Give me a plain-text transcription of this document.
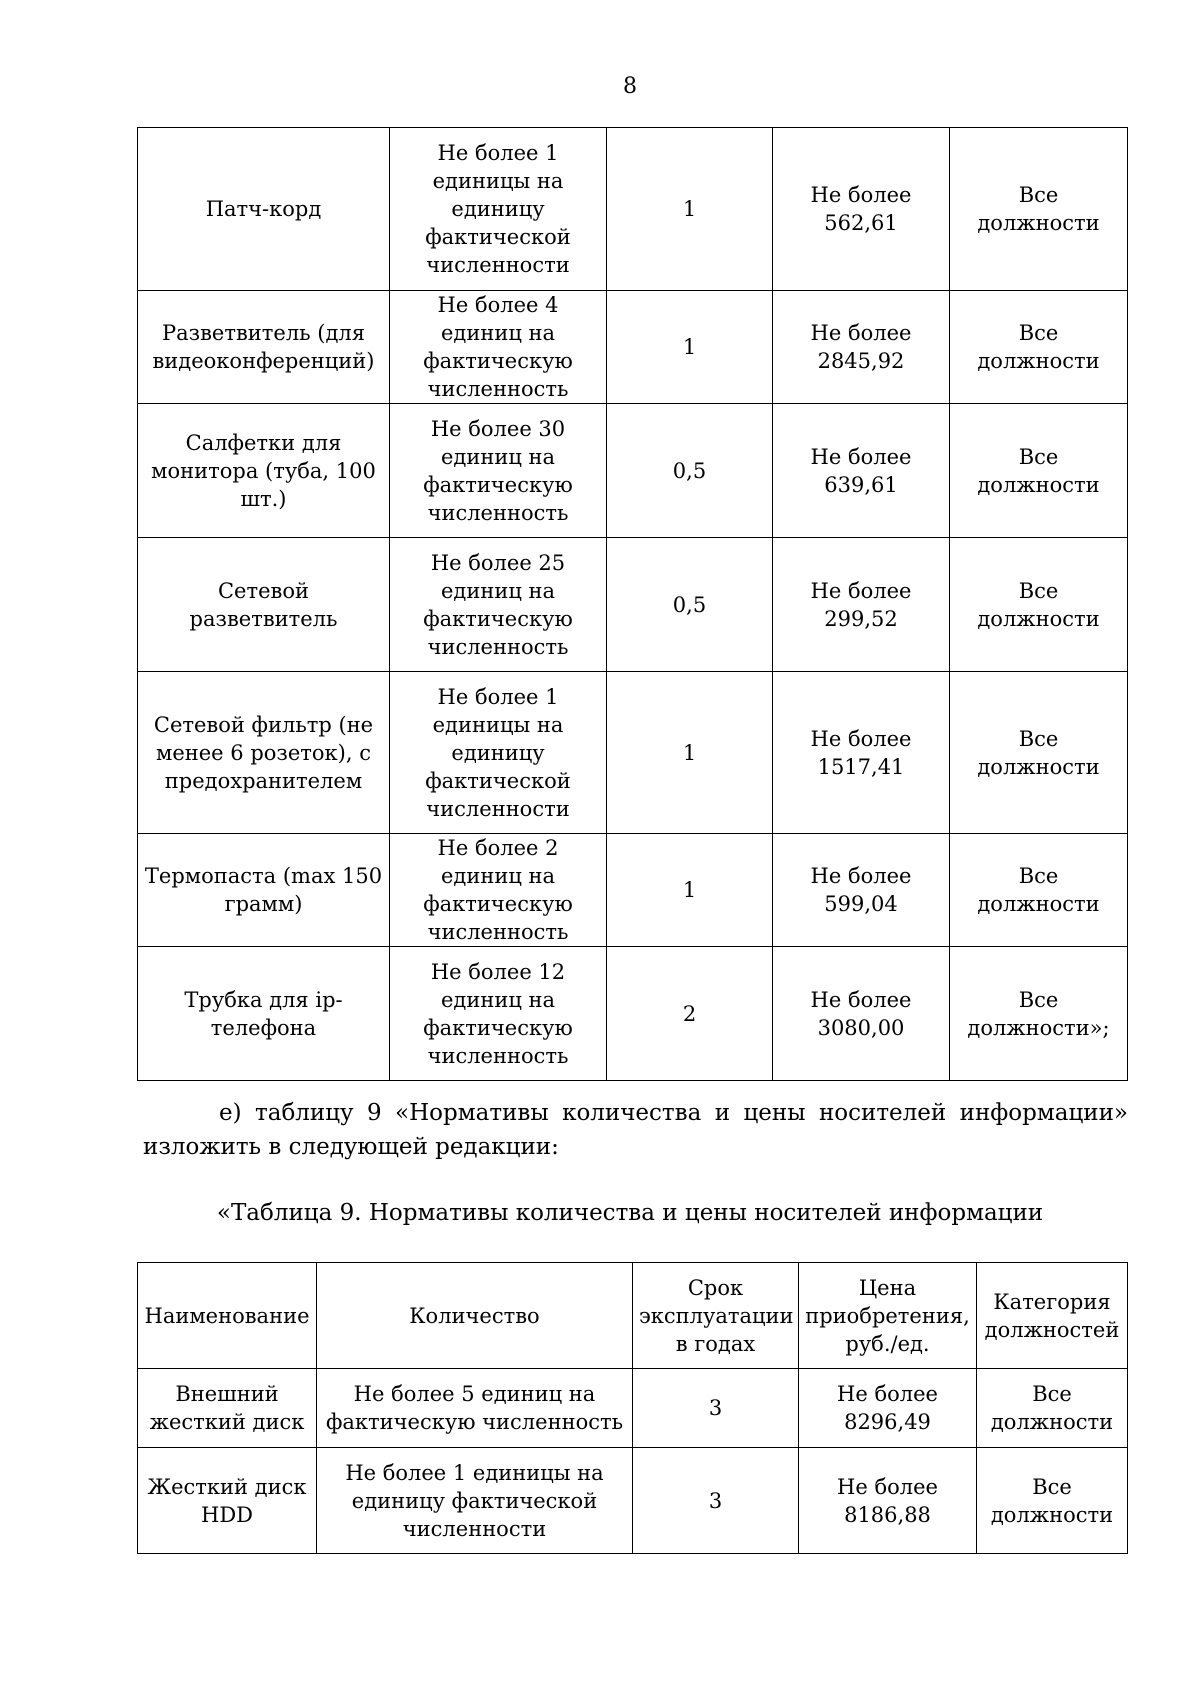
8
Патч-корд	Не более 1 единицы на единицу фактической численности	1	Не более 562,61	Все должности
Разветвитель (для видеоконференций)	Не более 4 единиц на фактическую численность	1	Не более 2845,92	Все должности
Салфетки для монитора (туба, 100 шт.)	Не более 30 единиц на фактическую численность	0,5	Не более 639,61	Все должности
Сетевой разветвитель	Не более 25 единиц на фактическую численность	0,5	Не более 299,52	Все должности
Сетевой фильтр (не менее 6 розеток), с предохранителем	Не более 1 единицы на единицу фактической численности	1	Не более 1517,41	Все должности
Термопаста (max 150 грамм)	Не более 2 единиц на фактическую численность	1	Не более 599,04	Все должности
Трубка для ip-телефона	Не более 12 единиц на фактическую численность	2	Не более 3080,00	Все должности»;

е) таблицу 9 «Нормативы количества и цены носителей информации» изложить в следующей редакции:

«Таблица 9. Нормативы количества и цены носителей информации
Наименование	Количество	Срок эксплуатации в годах	Цена приобретения, руб./ед.	Категория должностей
Внешний жесткий диск	Не более 5 единиц на фактическую численность	3	Не более 8296,49	Все должности
Жесткий диск HDD	Не более 1 единицы на единицу фактической численности	3	Не более 8186,88	Все должности
